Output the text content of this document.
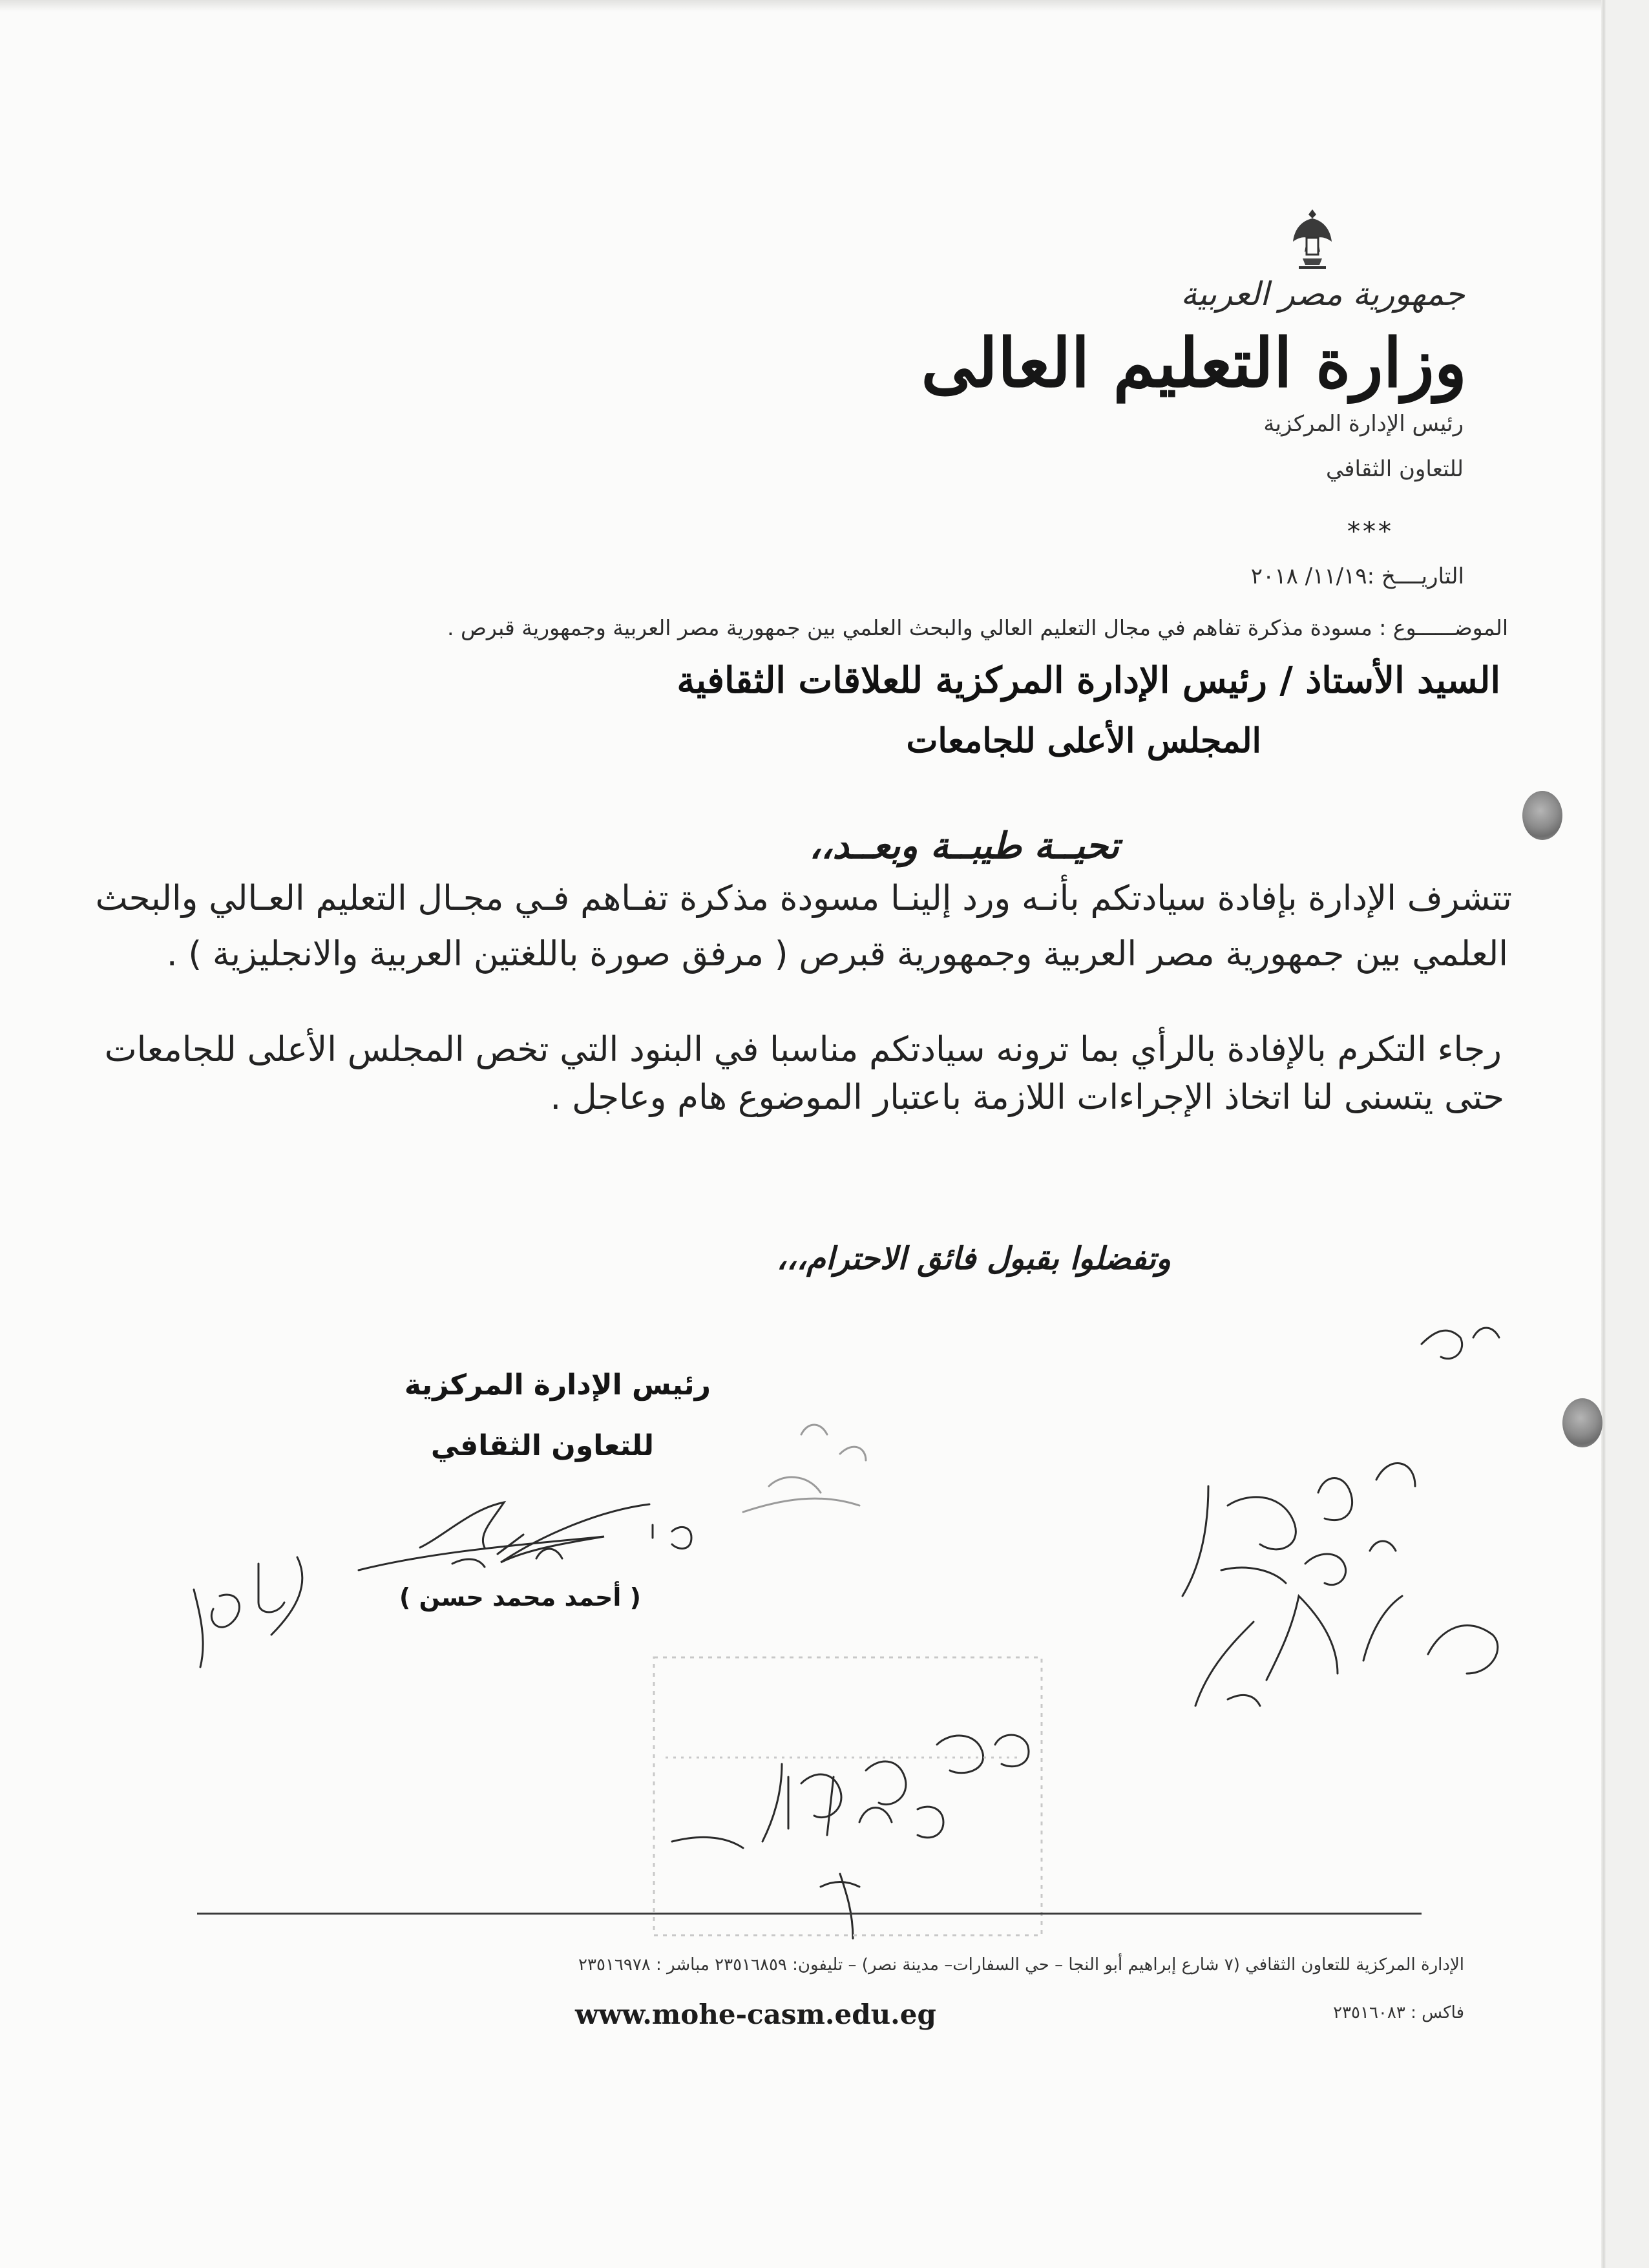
جمهورية مصر العربية
وزارة التعليم العالى
رئيس الإدارة المركزية
للتعاون الثقافي
***
التاريــــخ :١١/١٩/ ٢٠١٨
الموضــــــوع : مسودة مذكرة تفاهم في مجال التعليم العالي والبحث العلمي بين جمهورية مصر العربية وجمهورية قبرص .
السيد الأستاذ / رئيس الإدارة المركزية للعلاقات الثقافية
المجلس الأعلى للجامعات
تحيــة طيبــة وبعــد،،
تتشرف الإدارة بإفادة سيادتكم بأنـه ورد إلينـا مسودة مذكرة تفـاهم فـي مجـال التعليم العـالي والبحث
العلمي بين جمهورية مصر العربية وجمهورية قبرص ( مرفق صورة باللغتين العربية والانجليزية ) .
رجاء التكرم بالإفادة بالرأي بما ترونه سيادتكم مناسبا في البنود التي تخص المجلس الأعلى للجامعات
حتى يتسنى لنا اتخاذ الإجراءات اللازمة باعتبار الموضوع هام وعاجل .
وتفضلوا بقبول فائق الاحترام،،،
رئيس الإدارة المركزية
للتعاون الثقافي
( أحمد محمد حسن )
الإدارة المركزية للتعاون الثقافي (٧ شارع إبراهيم أبو النجا – حي السفارات– مدينة نصر) – تليفون: ٢٣٥١٦٨٥٩ مباشر : ٢٣٥١٦٩٧٨
فاكس : ٢٣٥١٦٠٨٣
www.mohe-casm.edu.eg
